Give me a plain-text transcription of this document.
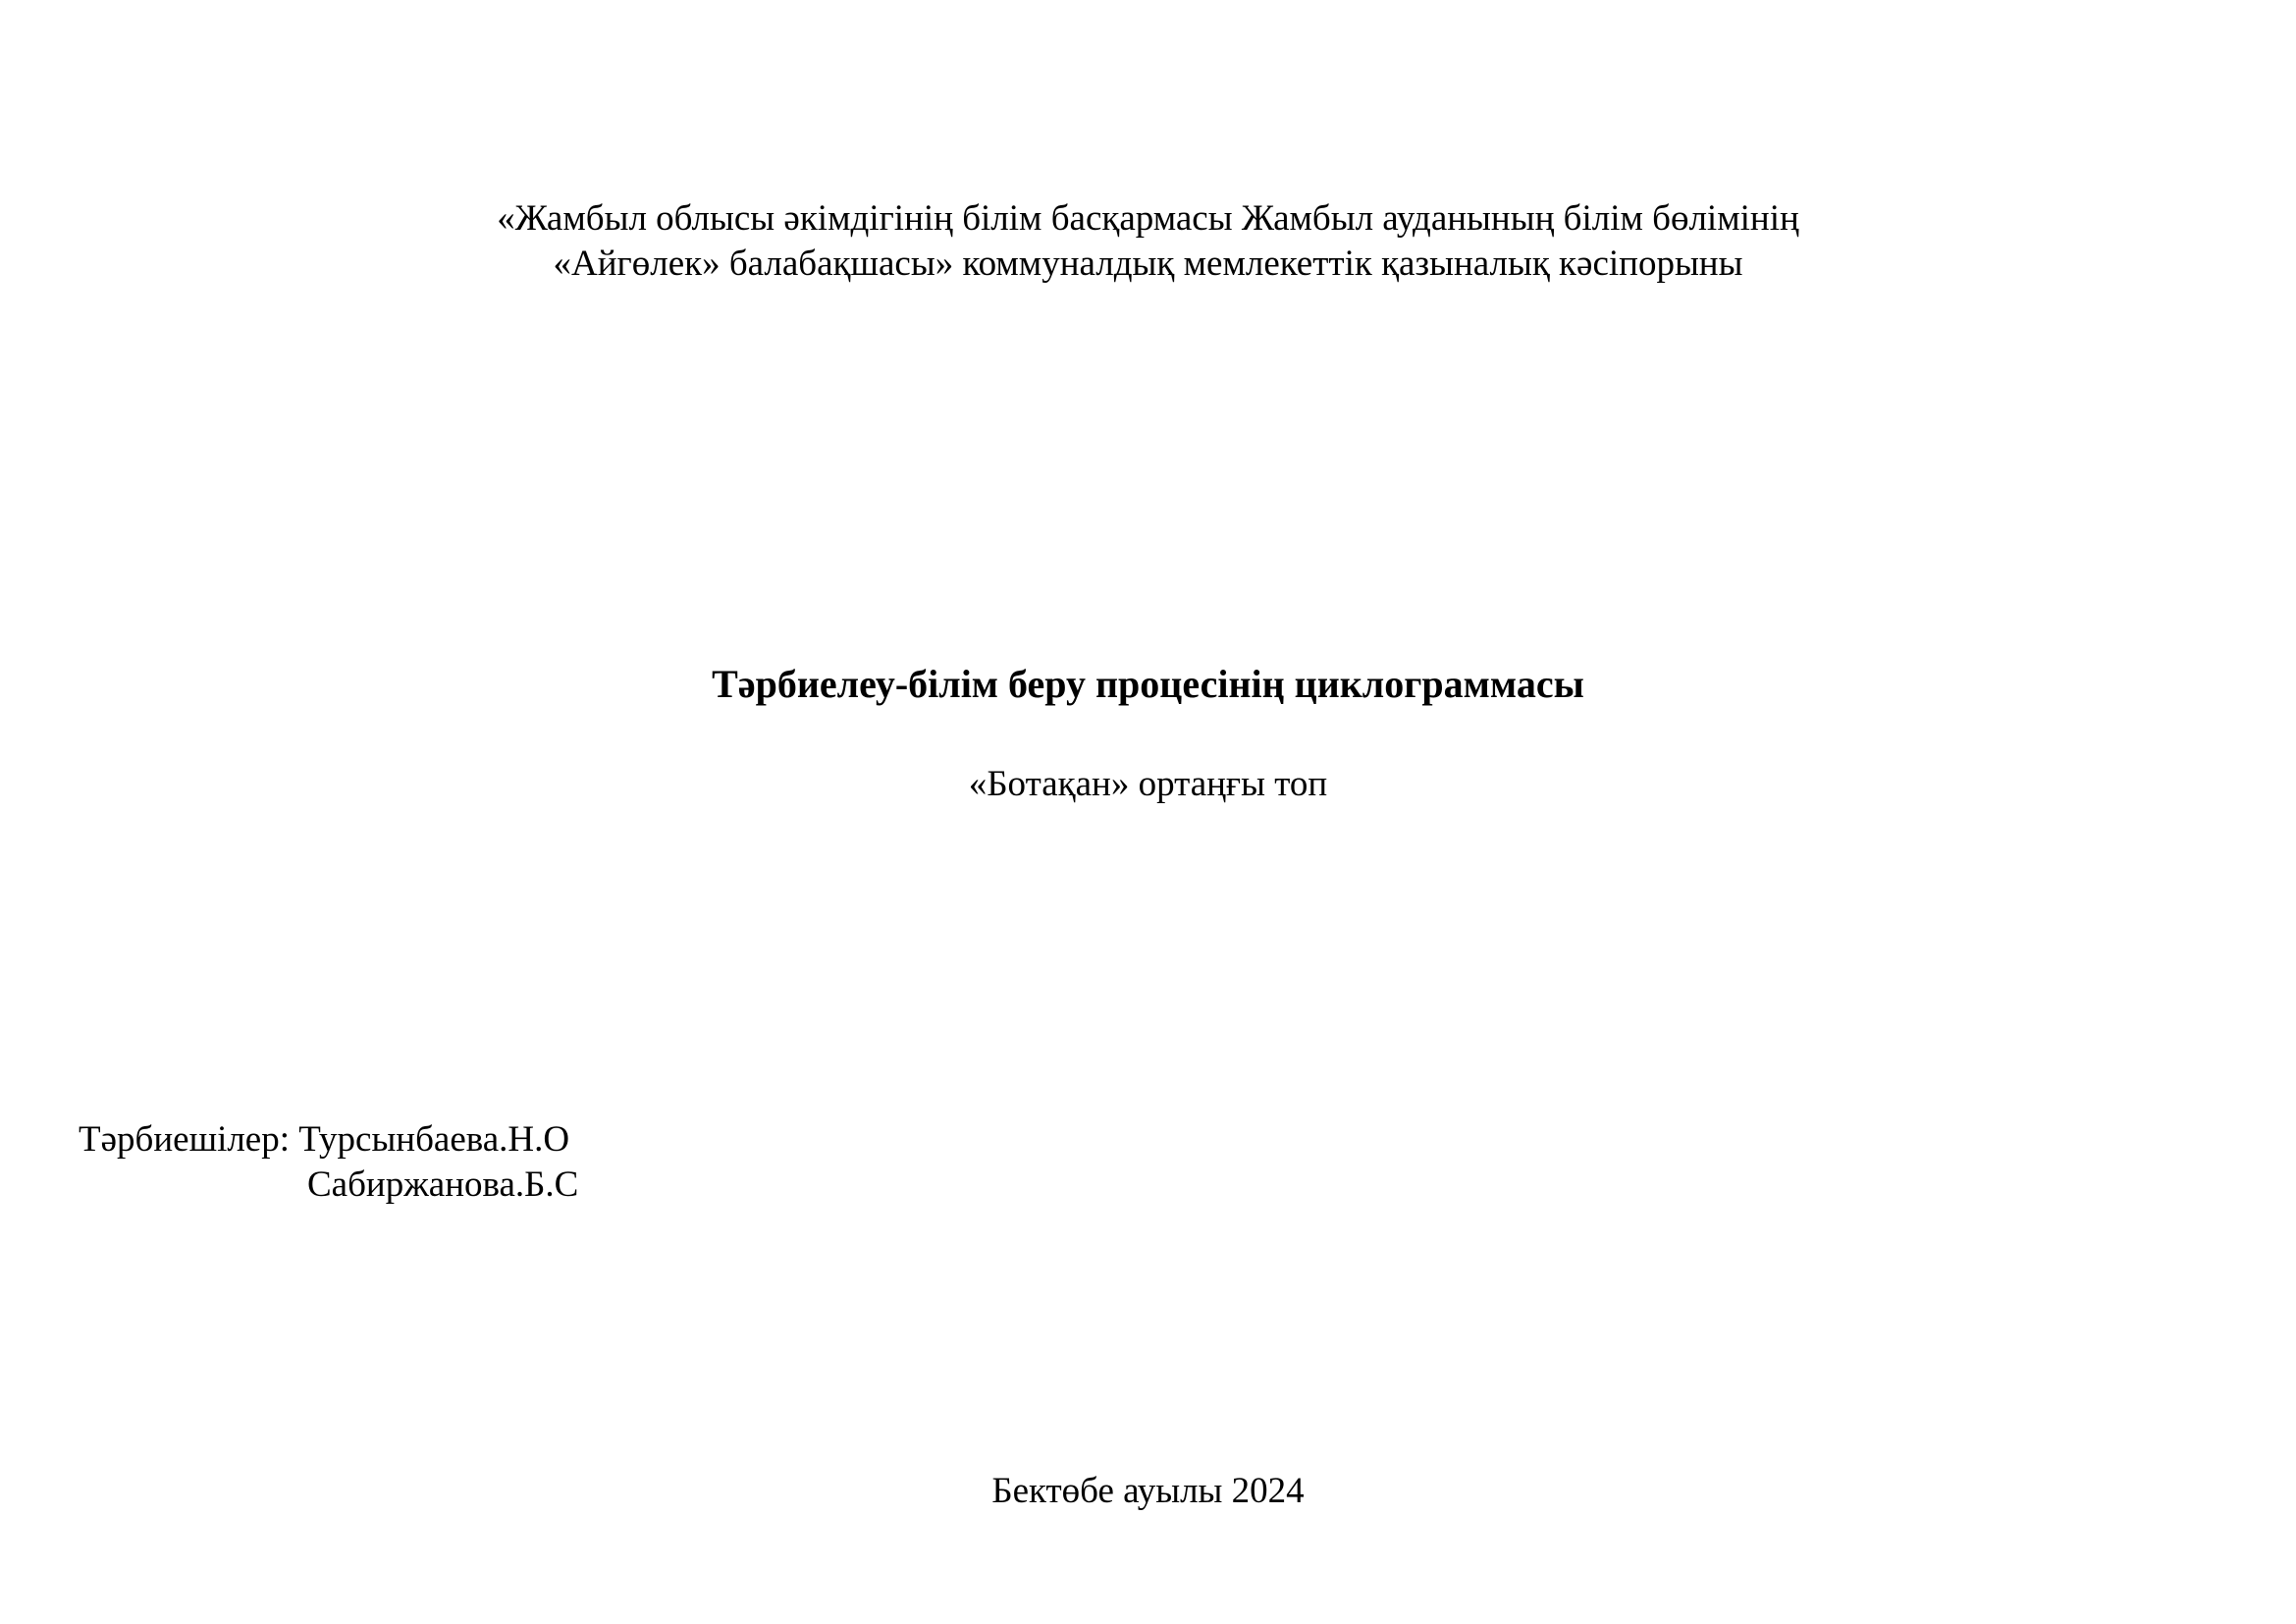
«Жамбыл облысы әкімдігінің білім басқармасы Жамбыл ауданының білім бөлімінің
«Айгөлек» балабақшасы» коммуналдық мемлекеттік қазыналық кәсіпорыны
Тәрбиелеу-білім беру процесінің циклограммасы
«Ботақан» ортаңғы топ
Тәрбиешілер: Турсынбаева.Н.О
Сабиржанова.Б.С
Бектөбе ауылы 2024
